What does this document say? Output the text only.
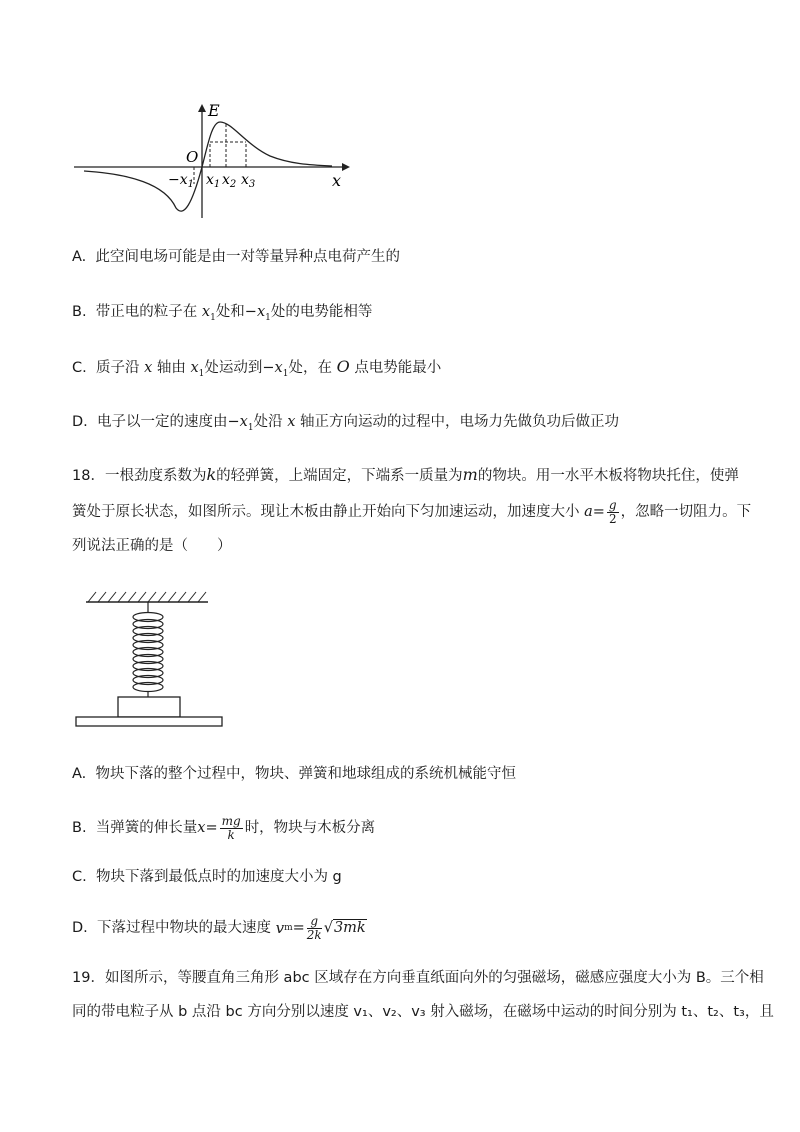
E
x
O
$-x_1$ $x_1$ $x_2$ $x_3$
A. 此空间电场可能是由一对等量异种点电荷产生的
B. 带正电的粒子在 $x_1$处和$-x_1$处的电势能相等
C. 质子沿 x 轴由 $x_1$处运动到$-x_1$处，在 O 点电势能最小
D. 电子以一定的速度由$-x_1$处沿 x 轴正方向运动的过程中，电场力先做负功后做正功
18．一根劲度系数为k的轻弹簧，上端固定，下端系一质量为m的物块。用一水平木板将物块托住，使弹
簧处于原长状态，如图所示。现让木板由静止开始向下匀加速运动，加速度大小
$a = \frac{g}{2}$ ，忽略一切阻力。下
列说法正确的是（　　）
A. 物块下落的整个过程中，物块、弹簧和地球组成的系统机械能守恒
B.
当弹簧的伸长量 $x = \frac{mg}{k}$ 时，物块与木板分离
C. 物块下落到最低点时的加速度大小为 g
D.
下落过程中物块的最大速度
v $m = \frac{g}{2k} √3mk$
19．如图所示，等腰直角三角形 abc 区域存在方向垂直纸面向外的匀强磁场，磁感应强度大小为 B。三个相
同的带电粒子从 b 点沿 bc 方向分别以速度 v₁、v₂、v₃ 射入磁场，在磁场中运动的时间分别为 t₁、t₂、t₃，且
